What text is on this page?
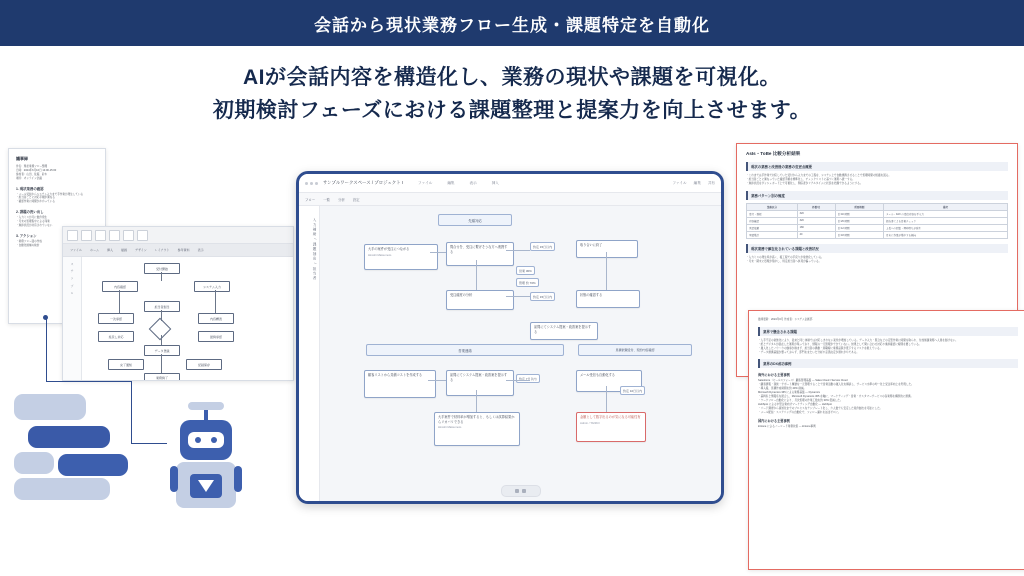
会話から現状業務フロー生成・課題特定を自動化
AIが会話内容を構造化し、業務の現状や課題を可視化。
初期検討フェーズにおける課題整理と提案力を向上させます。
議事録
件名：現状業務フロー整理
日時：2024年6月10日 14:00-15:00
参加者：山田、佐藤、鈴木
場所：オンライン会議
1. 現状業務の確認
・メール受信からシステム入力まで手作業が発生している
・担当者ごとに対応手順が異なる
・確認作業に時間がかかっている
2. 課題の洗い出し
・入力ミスが月に数件発生
・月末の処理集中による残業
・進捗状況が共有されていない
3. アクション
・業務フロー図の作成
・自動化候補の検討
ファイル	ホーム	挿入	描画	デザイン	レイアウト	参考資料	表示
ス
テ
ッ
プ
1
受付開始
内容確認	システム入力
担当者割当
一次承認	内容精査
差戻し対応	最終承認
データ登録
完了通知	記録保存
業務終了
サンプルワークスペース / プロジェクト I	ファイル	編集	表示	挿入	ファイル 編集 共有
フロー 一覧 分析 設定
入力補助 / 課題抽出 / 担当者	先頭対応
営業連絡	見積依頼受付、契約内容確認
大手の案件が受注につながる
Hiroshi Matsumoto
問合せを、受注に繋げそうな方へ連携する
取り合いに終了
受注確度の分析	状態の確認する
顧客リストから見積コストを作成する	訪問にてシステム提案・改善案を提示する
大手案件で材料率が増加すると、もしくは試算結果からリカバリできる
Hiroshi Matsumoto
メール受信も自動化する
金額として数字出るのが気になる可能性有
Admin / TANKO
訪問にてシステム提案・改善案を提示する
営業 30%
管理 約 70%
約定 15日以内
約定 15日以内
約定 7日以内
約定 10日以内
AsIs・ToBe 比較分析結果
現状の業務と改善後の業務の変更点概要
・これまでは手作業で対応していた受付から入力までの工程を、システム上で自動連携させることで処理時間の短縮を図る。
・担当者ごとに異なっていた確認手順を標準化し、チェックリストに基づく運用へ統一する。
・進捗状況をダッシュボード上で可視化し、関係者がリアルタイムに状況を把握できるようにする。
業務パターン別の頻度
業務区分	件数/月	所要時間	備考
受付・登録	320	約 40 時間	メール・FAX の受信内容を手入力
内容確認	320	約 26 時間	担当者による目視チェック
承認依頼	180	約 12 時間	上長への回覧・押印待ちが発生
実績集計	40	約 18 時間	月末に作業が集中する傾向
現状業務で顕在化されている課題と改善状況
・入力ミスの発生率が高く、後工程での手戻りが常態化している。
・月末・期末に処理が集中し、特定担当者へ負荷が偏っている。
最終更新：2024年6月 作成者：システム企画部
業界で懸念される課題
・人手不足の常態化により、従来と同じ体制では対応しきれない案件が増加している。データ入力・照合などの定型作業に時間を取られ、付加価値業務へ人員を割けない。
・紙とデジタルが混在した運用が残っており、情報の一元管理ができていない。結果として問い合わせ対応や進捗確認に時間を要している。
・属人化したノウハウの継承が進まず、担当者の異動・退職時に業務品質が低下するリスクを抱えている。
・データ連携基盤が整っておらず、部門をまたいだ分析や意思決定が遅れがちである。
業界のDX成功事例
海外における主要事例
Salesforce（セールスフォース）顧客管理基盤 — Sales Cloud / Service Cloud
・顧客情報・商談・サポート履歴を一元管理することで営業活動の属人化を解消し、サービス水準の均一化と受注率向上を実現した。
・導入後、見積作成時間を約 40% 削減。
Microsoft Dynamics 365 による業務基盤 — Dynamics
・基幹系と情報系を統合し、Microsoft Dynamics 365 を軸に、マーケティング・営業・カスタマーサービスの各業務を横断的に連携。
・ワークフロー自動化により、月次処理の作業工数を約 30% 低減した。
HubSpot による中堅企業向けマーケティング自動化 — HubSpot
・リード獲得から商談化までのプロセスをテンプレート化し、少人数でも安定した案件創出を可能にした。
・メール配信・スコアリングの自動化で、フォロー漏れをほぼゼロに。
国内における主要事例
kintone によるノーコード業務改善 — kintone事例
